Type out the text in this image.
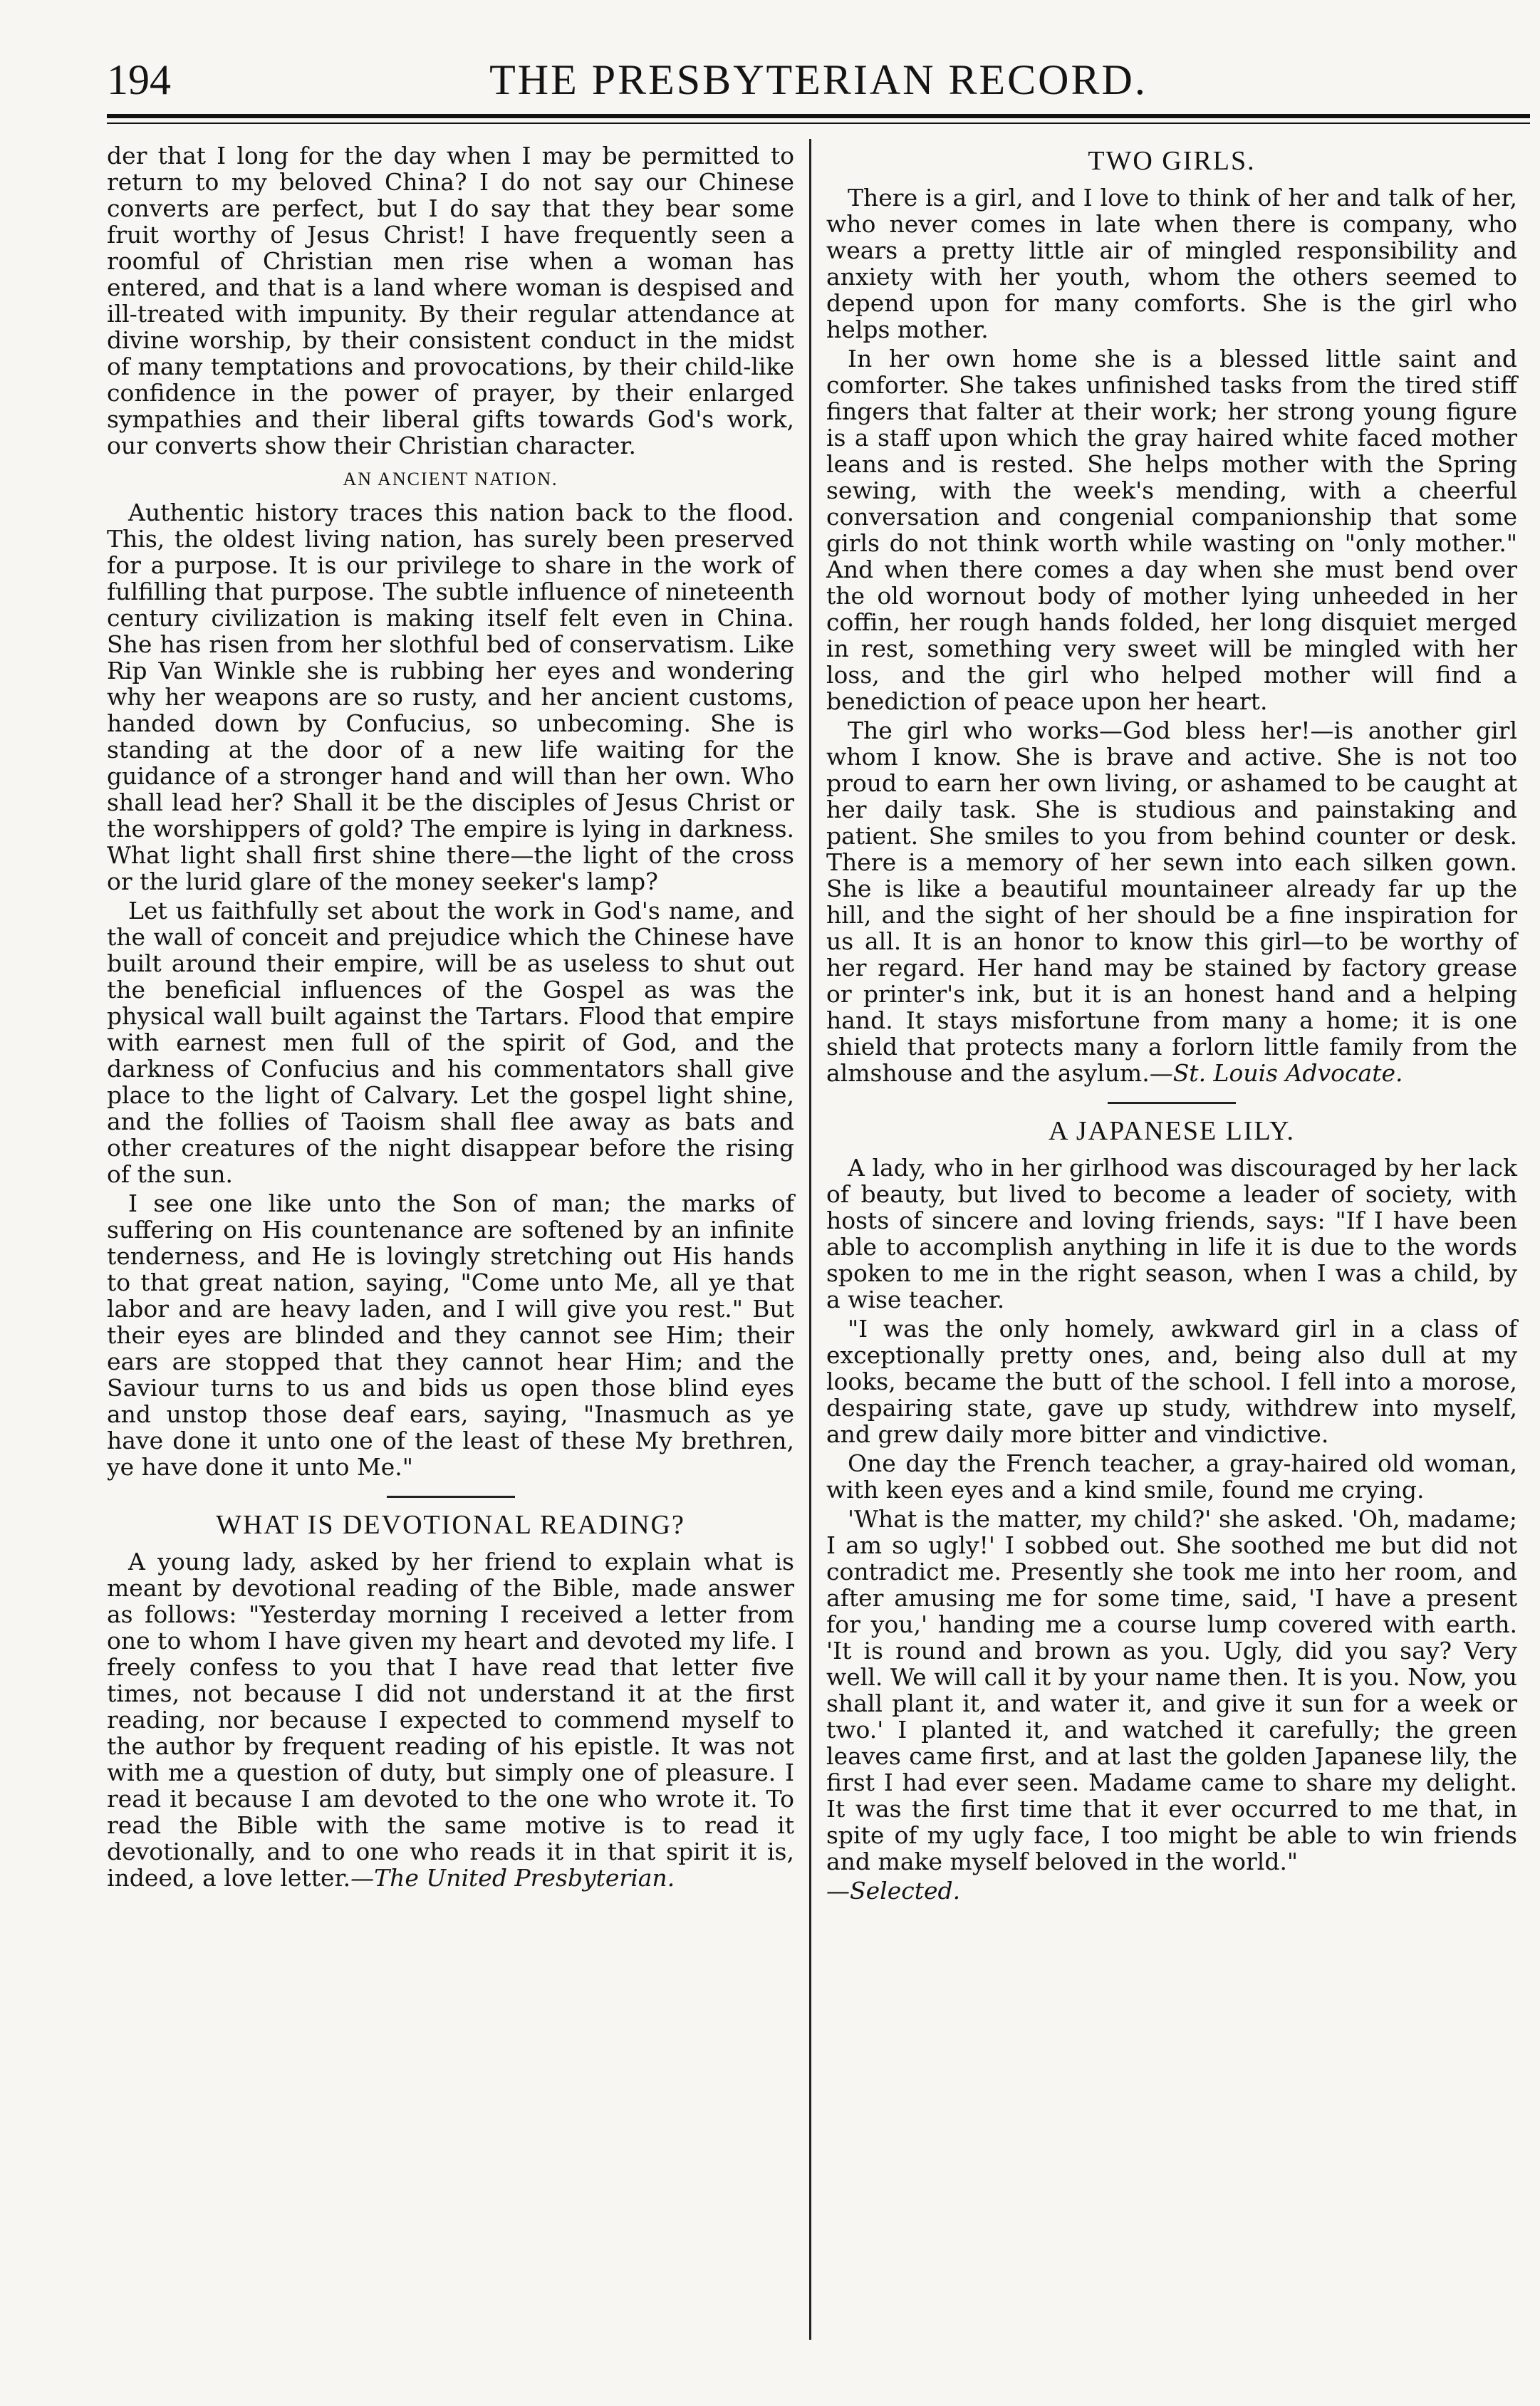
194	THE PRESBYTERIAN RECORD.

der that I long for the day when I may be permitted to return to my beloved China? I do not say our Chinese converts are perfect, but I do say that they bear some fruit worthy of Jesus Christ! I have frequently seen a roomful of Christian men rise when a woman has entered, and that is a land where woman is despised and ill-treated with impunity. By their regular attendance at divine worship, by their consistent conduct in the midst of many temptations and provocations, by their child-like confidence in the power of prayer, by their enlarged sympathies and their liberal gifts towards God's work, our converts show their Christian character.

AN ANCIENT NATION.

Authentic history traces this nation back to the flood. This, the oldest living nation, has surely been preserved for a purpose. It is our privilege to share in the work of fulfilling that purpose. The subtle influence of nineteenth century civilization is making itself felt even in China. She has risen from her slothful bed of conservatism. Like Rip Van Winkle she is rubbing her eyes and wondering why her weapons are so rusty, and her ancient customs, handed down by Confucius, so unbecoming. She is standing at the door of a new life waiting for the guidance of a stronger hand and will than her own. Who shall lead her? Shall it be the disciples of Jesus Christ or the worshippers of gold? The empire is lying in darkness. What light shall first shine there—the light of the cross or the lurid glare of the money seeker's lamp?

Let us faithfully set about the work in God's name, and the wall of conceit and prejudice which the Chinese have built around their empire, will be as useless to shut out the beneficial influences of the Gospel as was the physical wall built against the Tartars. Flood that empire with earnest men full of the spirit of God, and the darkness of Confucius and his commentators shall give place to the light of Calvary. Let the gospel light shine, and the follies of Taoism shall flee away as bats and other creatures of the night disappear before the rising of the sun.

I see one like unto the Son of man; the marks of suffering on His countenance are softened by an infinite tenderness, and He is lovingly stretching out His hands to that great nation, saying, "Come unto Me, all ye that labor and are heavy laden, and I will give you rest." But their eyes are blinded and they cannot see Him; their ears are stopped that they cannot hear Him; and the Saviour turns to us and bids us open those blind eyes and unstop those deaf ears, saying, "Inasmuch as ye have done it unto one of the least of these My brethren, ye have done it unto Me."

WHAT IS DEVOTIONAL READING?

A young lady, asked by her friend to explain what is meant by devotional reading of the Bible, made answer as follows: "Yesterday morning I received a letter from one to whom I have given my heart and devoted my life. I freely confess to you that I have read that letter five times, not because I did not understand it at the first reading, nor because I expected to commend myself to the author by frequent reading of his epistle. It was not with me a question of duty, but simply one of pleasure. I read it because I am devoted to the one who wrote it. To read the Bible with the same motive is to read it devotionally, and to one who reads it in that spirit it is, indeed, a love letter.—The United Presbyterian.

TWO GIRLS.

There is a girl, and I love to think of her and talk of her, who never comes in late when there is company, who wears a pretty little air of mingled responsibility and anxiety with her youth, whom the others seemed to depend upon for many comforts. She is the girl who helps mother.

In her own home she is a blessed little saint and comforter. She takes unfinished tasks from the tired stiff fingers that falter at their work; her strong young figure is a staff upon which the gray haired white faced mother leans and is rested. She helps mother with the Spring sewing, with the week's mending, with a cheerful conversation and congenial companionship that some girls do not think worth while wasting on "only mother." And when there comes a day when she must bend over the old wornout body of mother lying unheeded in her coffin, her rough hands folded, her long disquiet merged in rest, something very sweet will be mingled with her loss, and the girl who helped mother will find a benediction of peace upon her heart.

The girl who works—God bless her!—is another girl whom I know. She is brave and active. She is not too proud to earn her own living, or ashamed to be caught at her daily task. She is studious and painstaking and patient. She smiles to you from behind counter or desk. There is a memory of her sewn into each silken gown. She is like a beautiful mountaineer already far up the hill, and the sight of her should be a fine inspiration for us all. It is an honor to know this girl—to be worthy of her regard. Her hand may be stained by factory grease or printer's ink, but it is an honest hand and a helping hand. It stays misfortune from many a home; it is one shield that protects many a forlorn little family from the almshouse and the asylum.—St. Louis Advocate.

A JAPANESE LILY.

A lady, who in her girlhood was discouraged by her lack of beauty, but lived to become a leader of society, with hosts of sincere and loving friends, says: "If I have been able to accomplish anything in life it is due to the words spoken to me in the right season, when I was a child, by a wise teacher.

"I was the only homely, awkward girl in a class of exceptionally pretty ones, and, being also dull at my looks, became the butt of the school. I fell into a morose, despairing state, gave up study, withdrew into myself, and grew daily more bitter and vindictive.

One day the French teacher, a gray-haired old woman, with keen eyes and a kind smile, found me crying.

'What is the matter, my child?' she asked. 'Oh, madame; I am so ugly!' I sobbed out. She soothed me but did not contradict me. Presently she took me into her room, and after amusing me for some time, said, 'I have a present for you,' handing me a course lump covered with earth. 'It is round and brown as you. Ugly, did you say? Very well. We will call it by your name then. It is you. Now, you shall plant it, and water it, and give it sun for a week or two.' I planted it, and watched it carefully; the green leaves came first, and at last the golden Japanese lily, the first I had ever seen. Madame came to share my delight. It was the first time that it ever occurred to me that, in spite of my ugly face, I too might be able to win friends and make myself beloved in the world."

—Selected.
